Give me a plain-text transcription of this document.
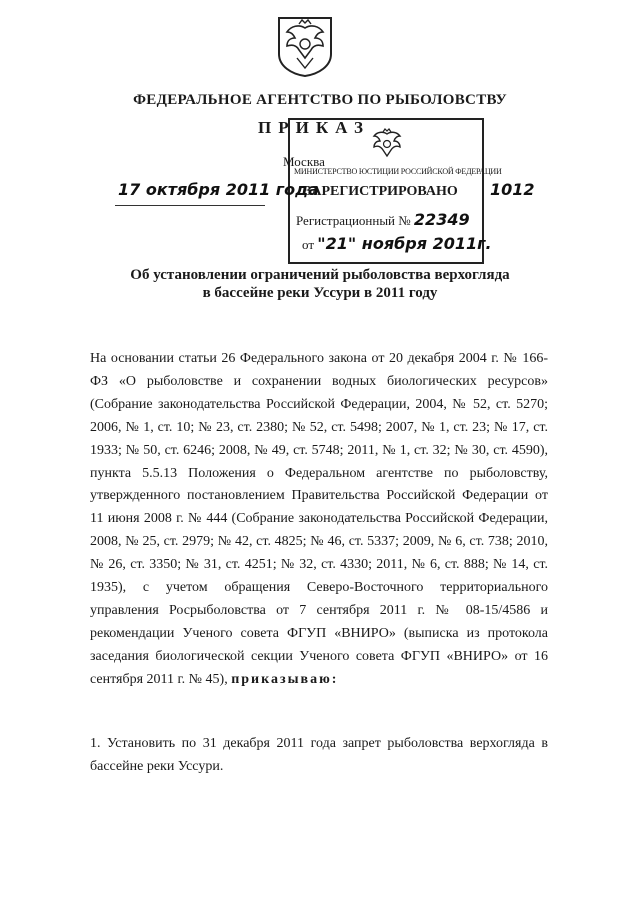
ФЕДЕРАЛЬНОЕ АГЕНТСТВО ПО РЫБОЛОВСТВУ
ПРИКАЗ
МИНИСТЕРСТВО ЮСТИЦИИ РОССИЙСКОЙ ФЕДЕРАЦИИ
ЗАРЕГИСТРИРОВАНО
Регистрационный № 22349
от "21" ноября 2011г.
Москва
1012
17 октября 2011 года
Об установлении ограничений рыболовства верхогляда
в бассейне реки Уссури в 2011 году

На основании статьи 26 Федерального закона от 20 декабря 2004 г. № 166-ФЗ «О рыболовстве и сохранении водных биологических ресурсов» (Собрание законодательства Российской Федерации, 2004, № 52, ст. 5270; 2006, № 1, ст. 10; № 23, ст. 2380; № 52, ст. 5498; 2007, № 1, ст. 23; № 17, ст. 1933; № 50, ст. 6246; 2008, № 49, ст. 5748; 2011, № 1, ст. 32; № 30, ст. 4590), пункта 5.5.13 Положения о Федеральном агентстве по рыболовству, утвержденного постановлением Правительства Российской Федерации от 11 июня 2008 г. № 444 (Собрание законодательства Российской Федерации, 2008, № 25, ст. 2979; № 42, ст. 4825; № 46, ст. 5337; 2009, № 6, ст. 738; 2010, № 26, ст. 3350; № 31, ст. 4251; № 32, ст. 4330; 2011, № 6, ст. 888; № 14, ст. 1935), с учетом обращения Северо-Восточного территориального управления Росрыболовства от 7 сентября 2011 г. № 08-15/4586 и рекомендации Ученого совета ФГУП «ВНИРО» (выписка из протокола заседания биологической секции Ученого совета ФГУП «ВНИРО» от 16 сентября 2011 г. № 45), приказываю:

1. Установить по 31 декабря 2011 года запрет рыболовства верхогляда в бассейне реки Уссури.
